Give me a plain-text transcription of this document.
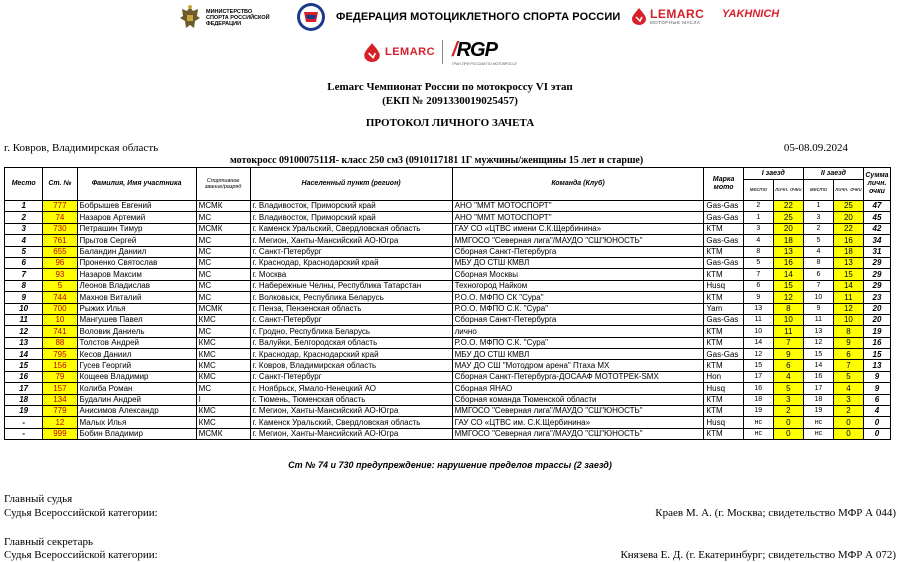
МИНИСТЕРСТВО СПОРТА РОССИЙСКОЙ ФЕДЕРАЦИИ
ФЕДЕРАЦИЯ МОТОЦИКЛЕТНОГО СПОРТА РОССИИ LEMARC
МОТОРНЫЕ МАСЛА
YAKHNICH
LEMARC /RGP
ГРАН-ПРИ РОССИИ ПО МОТОКРОССУ
Lemarc Чемпионат России по мотокроссу VI этап
(ЕКП № 2091330019025457)
ПРОТОКОЛ ЛИЧНОГО ЗАЧЕТА
г. Ковров, Владимирская область	05-08.09.2024
мотокросс 0910007511Я- класс 250 см3 (0910117181 1Г мужчины/женщины 15 лет и старше)
Место	Ст. №	Фамилия, Имя участника	Спортивное звание/разряд	Населенный пункт (регион)	Команда (Клуб)	Марка мото	I заезд		II заезд		Сумма личн. очки
							место	личн. очки	место	личн. очки	
1	777	Бобрышев Евгений	МСМК	г. Владивосток, Приморский край	АНО "ММТ МОТОСПОРТ"	Gas-Gas	2	22	1	25	47
2	74	Назаров Артемий	МС	г. Владивосток, Приморский край	АНО "ММТ МОТОСПОРТ"	Gas-Gas	1	25	3	20	45
3	730	Петрашин Тимур	МСМК	г. Каменск Уральский, Свердловская область	ГАУ СО «ЦТВС имени С.К.Щербинина»	КТМ	3	20	2	22	42
4	761	Прытов Сергей	МС	г. Мегион, Ханты-Мансийский АО-Югра	ММГОСО "Северная лига"/МАУДО "СШ"ЮНОСТЬ"	Gas-Gas	4	18	5	16	34
5	655	Баландин Даниил	МС	г. Санкт-Петербург	Сборная Санкт-Петербурга	КТМ	8	13	4	18	31
6	96	Проненко Святослав	МС	г. Краснодар, Краснодарский край	МБУ ДО СТШ КМВЛ	Gas-Gas	5	16	8	13	29
7	93	Назаров Максим	МС	г. Москва	Сборная Москвы	КТМ	7	14	6	15	29
8	5	Леонов Владислав	МС	г. Набережные Челны, Республика Татарстан	Техногород Найком	Husq	6	15	7	14	29
9	744	Махнов Виталий	МС	г. Волковыск, Республика Беларусь	Р.О.О. МФПО СК "Сура"	КТМ	9	12	10	11	23
10	700	Рыжих Илья	МСМК	г. Пенза, Пензенская область	Р.О.О. МФПО С.К. "Сура"	Yam	13	8	9	12	20
11	10	Мангушев Павел	КМС	г. Санкт-Петербург	Сборная Санкт-Петербурга	Gas-Gas	11	10	11	10	20
12	741	Воловик Даниель	МС	г. Гродно, Республика Беларусь	лично	КТМ	10	11	13	8	19
13	88	Толстов Андрей	КМС	г. Валуйки, Белгородская область	Р.О.О. МФПО С.К. "Сура"	КТМ	14	7	12	9	16
14	795	Кесов Даниил	КМС	г. Краснодар, Краснодарский край	МБУ ДО СТШ КМВЛ	Gas-Gas	12	9	15	6	15
15	156	Гусев Георгий	КМС	г. Ковров, Владимирская область	МАУ ДО СШ "Мотодром арена" Птаха МХ	КТМ	15	6	14	7	13
16	79	Кощеев Владимир	КМС	г. Санкт-Петербург	Сборная Санкт-Петербурга-ДОСААФ МОТОТРЕК-SMX	Hon	17	4	16	5	9
17	157	Колиба Роман	МС	г. Ноябрьск, Ямало-Ненецкий АО	Сборная ЯНАО	Husq	16	5	17	4	9
18	134	Будалин Андрей	I	г. Тюмень, Тюменская область	Сборная команда Тюменской области	КТМ	18	3	18	3	6
19	779	Анисимов Александр	КМС	г. Мегион, Ханты-Мансийский АО-Югра	ММГОСО "Северная лига"/МАУДО "СШ"ЮНОСТЬ"	КТМ	19	2	19	2	4
-	12	Малых Илья	КМС	г. Каменск Уральский, Свердловская область	ГАУ СО «ЦТВС им. С.К.Щербинина»	Husq	нс	0	нс	0	0
-	999	Бобин Владимир	МСМК	г. Мегион, Ханты-Мансийский АО-Югра	ММГОСО "Северная лига"/МАУДО "СШ"ЮНОСТЬ"	КТМ	нс	0	нс	0	0
Ст № 74 и 730 предупреждение: нарушение пределов трассы (2 заезд)
Главный судья
Судья Всероссийской категории:	Краев М. А. (г. Москва; свидетельство МФР А 044)
Главный секретарь
Судья Всероссийской категории:	Князева Е. Д. (г. Екатеринбург; свидетельство МФР А 072)
